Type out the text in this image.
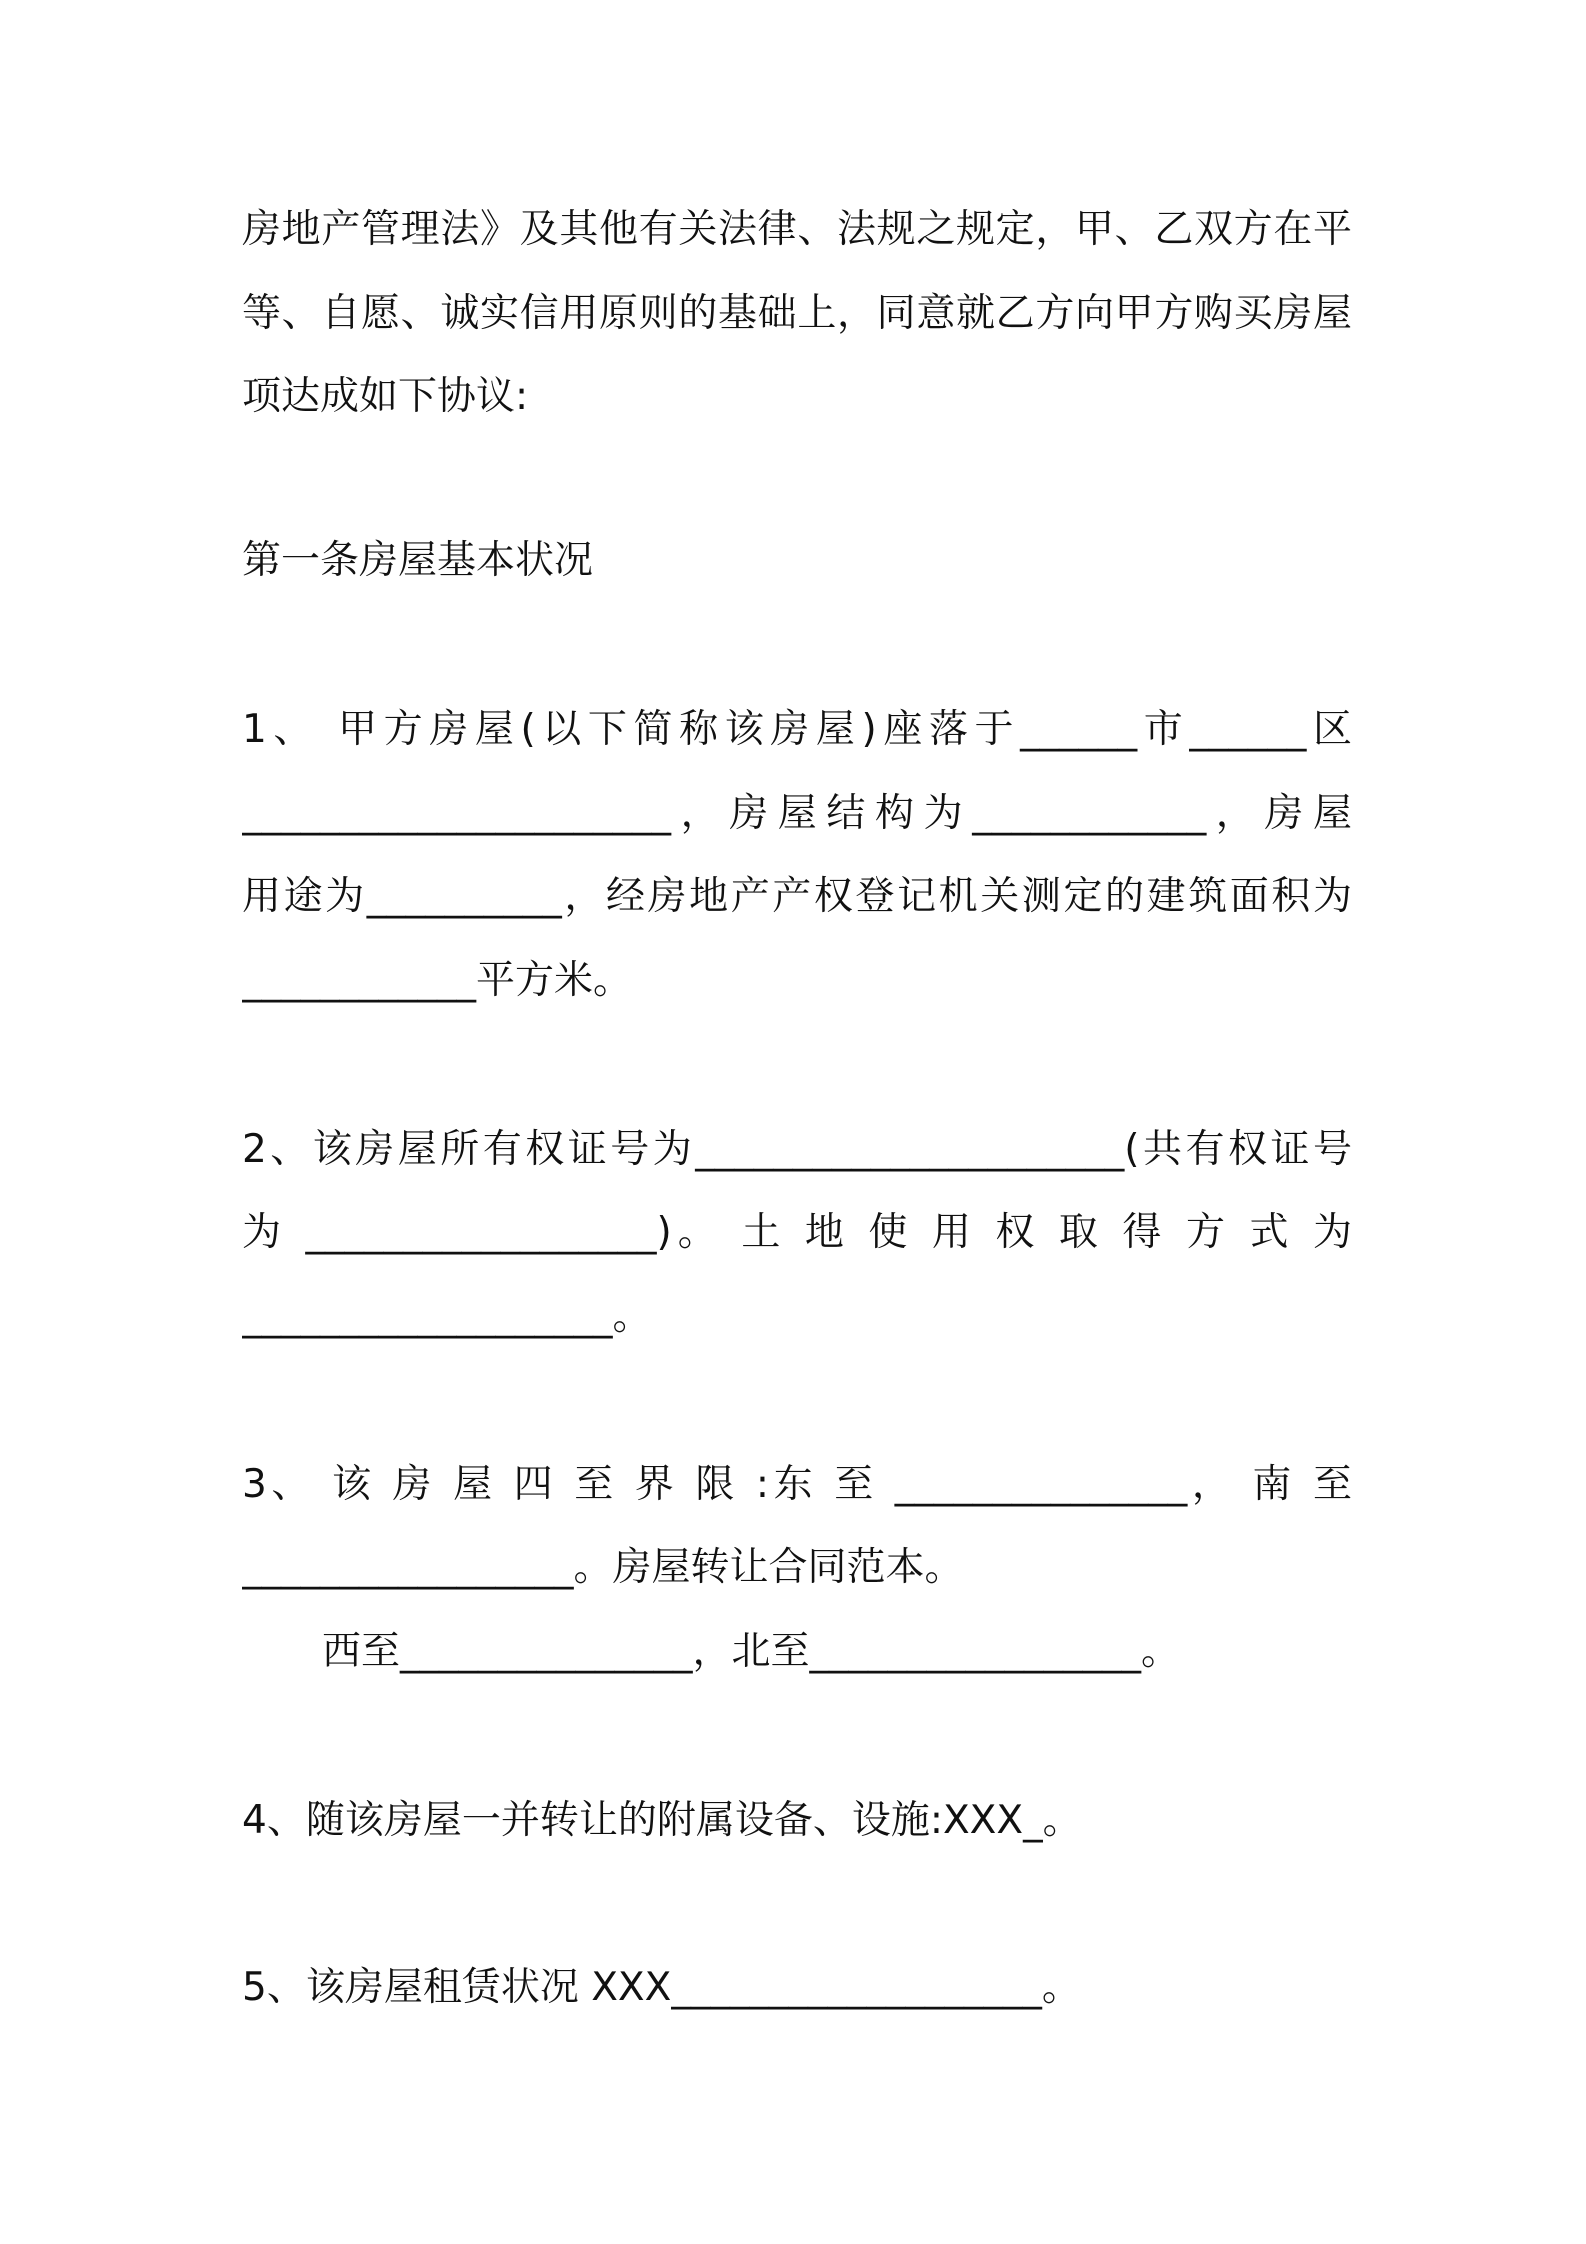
房地产管理法》及其他有关法律、法规之规定，甲、乙双方在平

等、自愿、诚实信用原则的基础上，同意就乙方向甲方购买房屋

项达成如下协议:

第一条房屋基本状况

1、 甲方房屋(以下简称该房屋)座落于______市______区

______________________，房屋结构为____________，房屋

用途为__________，经房地产产权登记机关测定的建筑面积为

____________平方米。

2、该房屋所有权证号为______________________(共有权证号

为 __________________)。 土 地 使 用 权 取 得 方 式 为

___________________。

3、 该 房 屋 四 至 界 限 :东 至 _______________， 南 至

_________________。房屋转让合同范本。

西至_______________，北至_________________。

4、随该房屋一并转让的附属设备、设施:XXX_。

5、该房屋租赁状况 XXX___________________。
